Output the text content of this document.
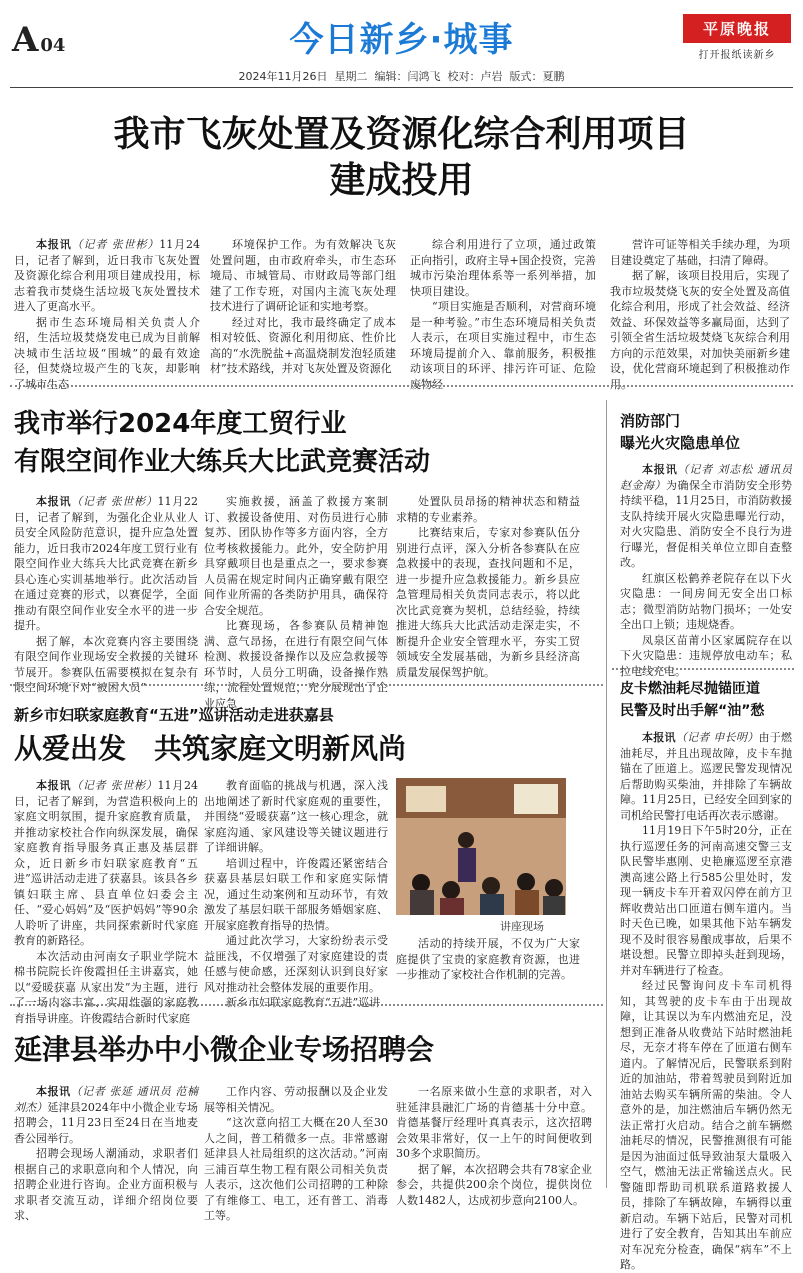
A 04	今日新乡·城事	平原晚报
打开报纸读新乡
2024年11月26日 星期二 编辑：闫鸿飞 校对：卢岩 版式：夏鹏
我市飞灰处置及资源化综合利用项目
建成投用

本报讯（记者 张世彬）11月24日，记者了解到，近日我市飞灰处置及资源化综合利用项目建成投用，标志着我市焚烧生活垃圾飞灰处置技术进入了更高水平。

据市生态环境局相关负责人介绍，生活垃圾焚烧发电已成为目前解决城市生活垃圾“围城”的最有效途径，但焚烧垃圾产生的飞灰，却影响了城市生态

环境保护工作。为有效解决飞灰处置问题，由市政府牵头，市生态环境局、市城管局、市财政局等部门组建了工作专班，对国内主流飞灰处理技术进行了调研论证和实地考察。

经过对比，我市最终确定了成本相对较低、资源化利用彻底、性价比高的“水洗脱盐+高温烧制发泡轻质建材”技术路线，并对飞灰处置及资源化

综合利用进行了立项，通过政策正向指引，政府主导+国企投资，完善城市污染治理体系等一系列举措，加快项目建设。

“项目实施是否顺利，对营商环境是一种考验。”市生态环境局相关负责人表示，在项目实施过程中，市生态环境局提前介入、靠前服务，积极推动该项目的环评、排污许可证、危险废物经

营许可证等相关手续办理，为项目建设奠定了基础，扫清了障碍。

据了解，该项目投用后，实现了我市垃圾焚烧飞灰的安全处置及高值化综合利用，形成了社会效益、经济效益、环保效益等多赢局面，达到了引领全省生活垃圾焚烧飞灰综合利用方向的示范效果，对加快美丽新乡建设，优化营商环境起到了积极推动作用。

我市举行2024年度工贸行业
有限空间作业大练兵大比武竞赛活动

本报讯（记者 张世彬）11月22日，记者了解到，为强化企业从业人员安全风险防范意识，提升应急处置能力，近日我市2024年度工贸行业有限空间作业大练兵大比武竞赛在新乡县心连心实训基地举行。此次活动旨在通过竞赛的形式，以赛促学，全面推动有限空间作业安全水平的进一步提升。

据了解，本次竞赛内容主要围绕有限空间作业现场安全救援的关键环节展开。参赛队伍需要模拟在复杂有限空间环境下对“被困人员”

实施救援，涵盖了救援方案制订、救援设备使用、对伤员进行心肺复苏、团队协作等多方面内容，全方位考核救援能力。此外，安全防护用具穿戴项目也是重点之一，要求参赛人员需在规定时间内正确穿戴有限空间作业所需的各类防护用具，确保符合安全规范。

比赛现场，各参赛队员精神饱满、意气昂扬，在进行有限空间气体检测、救援设备操作以及应急救援等环节时，人员分工明确，设备操作熟练，流程处置规范，充分展现出了企业应急

处置队员昂扬的精神状态和精益求精的专业素养。

比赛结束后，专家对参赛队伍分别进行点评，深入分析各参赛队在应急救援中的表现，查找问题和不足，进一步提升应急救援能力。新乡县应急管理局相关负责同志表示，将以此次比武竞赛为契机，总结经验，持续推进大练兵大比武活动走深走实，不断提升企业安全管理水平，夯实工贸领域安全发展基础，为新乡县经济高质量发展保驾护航。

消防部门
曝光火灾隐患单位

本报讯（记者 刘志松 通讯员 赵金海）为确保全市消防安全形势持续平稳，11月25日，市消防救援支队持续开展火灾隐患曝光行动，对火灾隐患、消防安全不良行为进行曝光，督促相关单位立即自查整改。

红旗区松鹤养老院存在以下火灾隐患：一间房间无安全出口标志；微型消防站物门损坏；一处安全出口上锁；违规烧香。

凤泉区苗莆小区家属院存在以下火灾隐患：违规停放电动车；私拉电线充电。

新乡市妇联家庭教育“五进”巡讲活动走进获嘉县
从爱出发　共筑家庭文明新风尚

本报讯（记者 张世彬）11月24日，记者了解到，为营造积极向上的家庭文明氛围，提升家庭教育质量，并推动家校社合作向纵深发展，确保家庭教育指导服务真正惠及基层群众，近日新乡市妇联家庭教育“五进”巡讲活动走进了获嘉县。该县各乡镇妇联主席、县直单位妇委会主任、“爱心妈妈”及“医护妈妈”等90余人聆听了讲座，共同探索新时代家庭教育的新路径。

本次活动由河南女子职业学院木棉书院院长许俊霞担任主讲嘉宾，她以“爱暖获嘉 从家出发”为主题，进行了一场内容丰富、实用性强的家庭教育指导讲座。许俊霞结合新时代家庭

教育面临的挑战与机遇，深入浅出地阐述了新时代家庭观的重要性，并围绕“爱暖获嘉”这一核心理念，就家庭沟通、家风建设等关键议题进行了详细讲解。

培训过程中，许俊霞还紧密结合获嘉县基层妇联工作和家庭实际情况，通过生动案例和互动环节，有效激发了基层妇联干部服务婚姻家庭、开展家庭教育指导的热情。

通过此次学习，大家纷纷表示受益匪浅，不仅增强了对家庭建设的责任感与使命感，还深刻认识到良好家风对推动社会整体发展的重要作用。

新乡市妇联家庭教育“五进”巡讲

讲座现场

活动的持续开展，不仅为广大家庭提供了宝贵的家庭教育资源，也进一步推动了家校社合作机制的完善。

皮卡燃油耗尽抛锚匝道
民警及时出手解“油”愁

本报讯（记者 申长明）由于燃油耗尽，并且出现故障，皮卡车抛锚在了匝道上。巡逻民警发现情况后帮助购买柴油，并排除了车辆故障。11月25日，已经安全回到家的司机给民警打电话再次表示感谢。

11月19日下午5时20分，正在执行巡逻任务的河南高速交警三支队民警毕惠刚、史艳廉巡逻至京港澳高速公路上行585公里处时，发现一辆皮卡车开着双闪停在前方卫辉收费站出口匝道右侧车道内。当时天色已晚，如果其他下站车辆发现不及时很容易酿成事故，后果不堪设想。民警立即掉头赶到现场，并对车辆进行了检查。

经过民警询问皮卡车司机得知，其驾驶的皮卡车由于出现故障，让其误以为车内燃油充足，没想到正准备从收费站下站时燃油耗尽，无奈才将车停在了匝道右侧车道内。了解情况后，民警联系到附近的加油站，带着驾驶员到附近加油站去购买车辆所需的柴油。令人意外的是，加注燃油后车辆仍然无法正常打火启动。结合之前车辆燃油耗尽的情况，民警推测很有可能是因为油面过低导致油泵大量吸入空气，燃油无法正常输送点火。民警随即帮助司机联系道路救援人员，排除了车辆故障，车辆得以重新启动。车辆下站后，民警对司机进行了安全教育，告知其出车前应对车况充分检查，确保“病车”不上路。

延津县举办中小微企业专场招聘会

本报讯（记者 张延 通讯员 范楠 刘杰）延津县2024年中小微企业专场招聘会，11月23日至24日在当地麦香公园举行。

招聘会现场人潮涌动，求职者们根据自己的求职意向和个人情况，向招聘企业进行咨询。企业方面积极与求职者交流互动，详细介绍岗位要求、

工作内容、劳动报酬以及企业发展等相关情况。

“这次意向招工大概在20人至30人之间，普工稍微多一点。非常感谢延津县人社局组织的这次活动。”河南三浦百草生物工程有限公司相关负责人表示，这次他们公司招聘的工种除了有维修工、电工，还有普工、消毒工等。

一名原来做小生意的求职者，对入驻延津县融汇广场的肯德基十分中意。肯德基餐厅经理叶真真表示，这次招聘会效果非常好，仅一上午的时间便收到30多个求职简历。

据了解，本次招聘会共有78家企业参会，共提供200余个岗位，提供岗位人数1482人，达成初步意向2100人。
